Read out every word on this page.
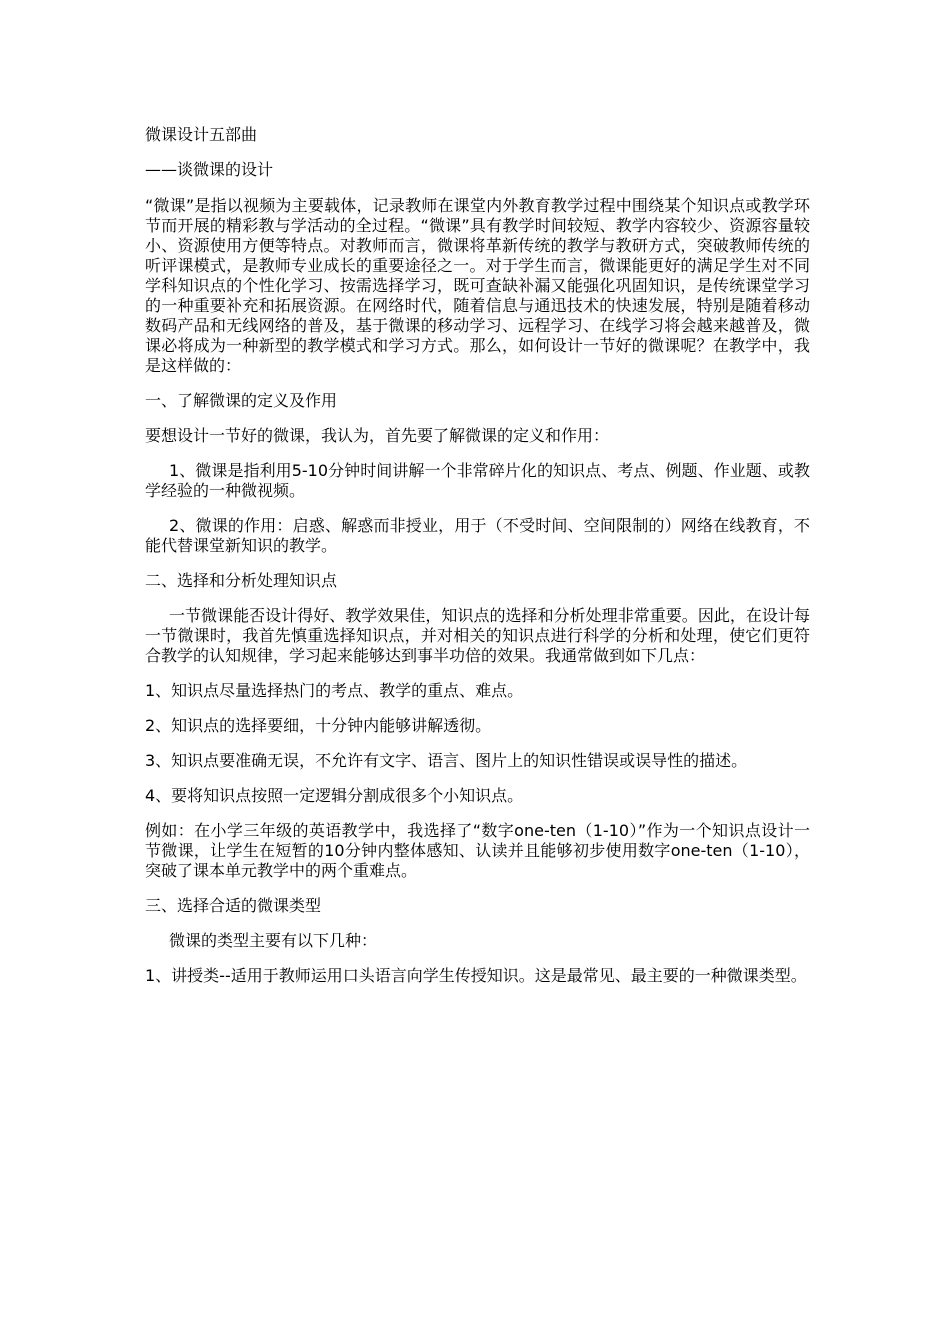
微课设计五部曲

——谈微课的设计

“微课”是指以视频为主要载体，记录教师在课堂内外教育教学过程中围绕某个知识点或教学环节而开展的精彩教与学活动的全过程。“微课”具有教学时间较短、教学内容较少、资源容量较小、资源使用方便等特点。对教师而言，微课将革新传统的教学与教研方式，突破教师传统的听评课模式，是教师专业成长的重要途径之一。对于学生而言，微课能更好的满足学生对不同学科知识点的个性化学习、按需选择学习，既可查缺补漏又能强化巩固知识，是传统课堂学习的一种重要补充和拓展资源。在网络时代，随着信息与通迅技术的快速发展，特别是随着移动数码产品和无线网络的普及，基于微课的移动学习、远程学习、在线学习将会越来越普及，微课必将成为一种新型的教学模式和学习方式。那么，如何设计一节好的微课呢？在教学中，我是这样做的：

一、了解微课的定义及作用

要想设计一节好的微课，我认为，首先要了解微课的定义和作用：

1、微课是指利用5-10分钟时间讲解一个非常碎片化的知识点、考点、例题、作业题、或教学经验的一种微视频。

2、微课的作用：启惑、解惑而非授业，用于（不受时间、空间限制的）网络在线教育，不能代替课堂新知识的教学。

二、选择和分析处理知识点

一节微课能否设计得好、教学效果佳，知识点的选择和分析处理非常重要。因此，在设计每一节微课时，我首先慎重选择知识点，并对相关的知识点进行科学的分析和处理，使它们更符合教学的认知规律，学习起来能够达到事半功倍的效果。我通常做到如下几点：

1、知识点尽量选择热门的考点、教学的重点、难点。

2、知识点的选择要细，十分钟内能够讲解透彻。

3、知识点要准确无误，不允许有文字、语言、图片上的知识性错误或误导性的描述。

4、要将知识点按照一定逻辑分割成很多个小知识点。

例如：在小学三年级的英语教学中，我选择了“数字one-ten（1-10）”作为一个知识点设计一节微课，让学生在短暂的10分钟内整体感知、认读并且能够初步使用数字one-ten（1-10），突破了课本单元教学中的两个重难点。

三、选择合适的微课类型

微课的类型主要有以下几种：

1、讲授类--适用于教师运用口头语言向学生传授知识。这是最常见、最主要的一种微课类型。
